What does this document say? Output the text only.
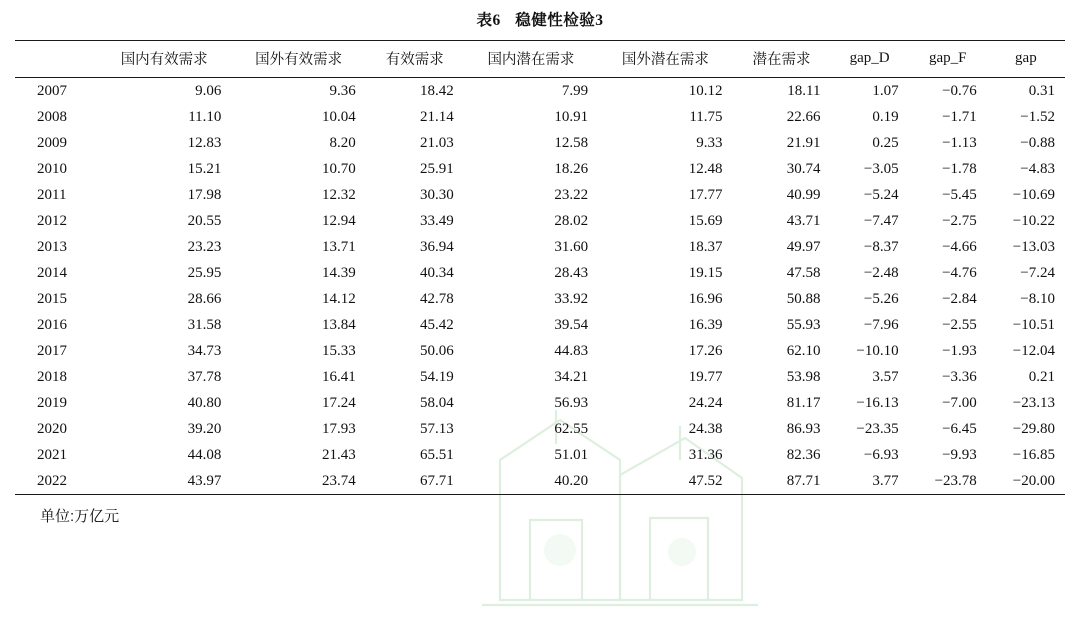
表6 稳健性检验3
	国内有效需求	国外有效需求	有效需求	国内潜在需求	国外潜在需求	潜在需求	gap_D	gap_F	gap
2007	9.06	9.36	18.42	7.99	10.12	18.11	1.07	−0.76	0.31
2008	11.10	10.04	21.14	10.91	11.75	22.66	0.19	−1.71	−1.52
2009	12.83	8.20	21.03	12.58	9.33	21.91	0.25	−1.13	−0.88
2010	15.21	10.70	25.91	18.26	12.48	30.74	−3.05	−1.78	−4.83
2011	17.98	12.32	30.30	23.22	17.77	40.99	−5.24	−5.45	−10.69
2012	20.55	12.94	33.49	28.02	15.69	43.71	−7.47	−2.75	−10.22
2013	23.23	13.71	36.94	31.60	18.37	49.97	−8.37	−4.66	−13.03
2014	25.95	14.39	40.34	28.43	19.15	47.58	−2.48	−4.76	−7.24
2015	28.66	14.12	42.78	33.92	16.96	50.88	−5.26	−2.84	−8.10
2016	31.58	13.84	45.42	39.54	16.39	55.93	−7.96	−2.55	−10.51
2017	34.73	15.33	50.06	44.83	17.26	62.10	−10.10	−1.93	−12.04
2018	37.78	16.41	54.19	34.21	19.77	53.98	3.57	−3.36	0.21
2019	40.80	17.24	58.04	56.93	24.24	81.17	−16.13	−7.00	−23.13
2020	39.20	17.93	57.13	62.55	24.38	86.93	−23.35	−6.45	−29.80
2021	44.08	21.43	65.51	51.01	31.36	82.36	−6.93	−9.93	−16.85
2022	43.97	23.74	67.71	40.20	47.52	87.71	3.77	−23.78	−20.00
单位:万亿元
